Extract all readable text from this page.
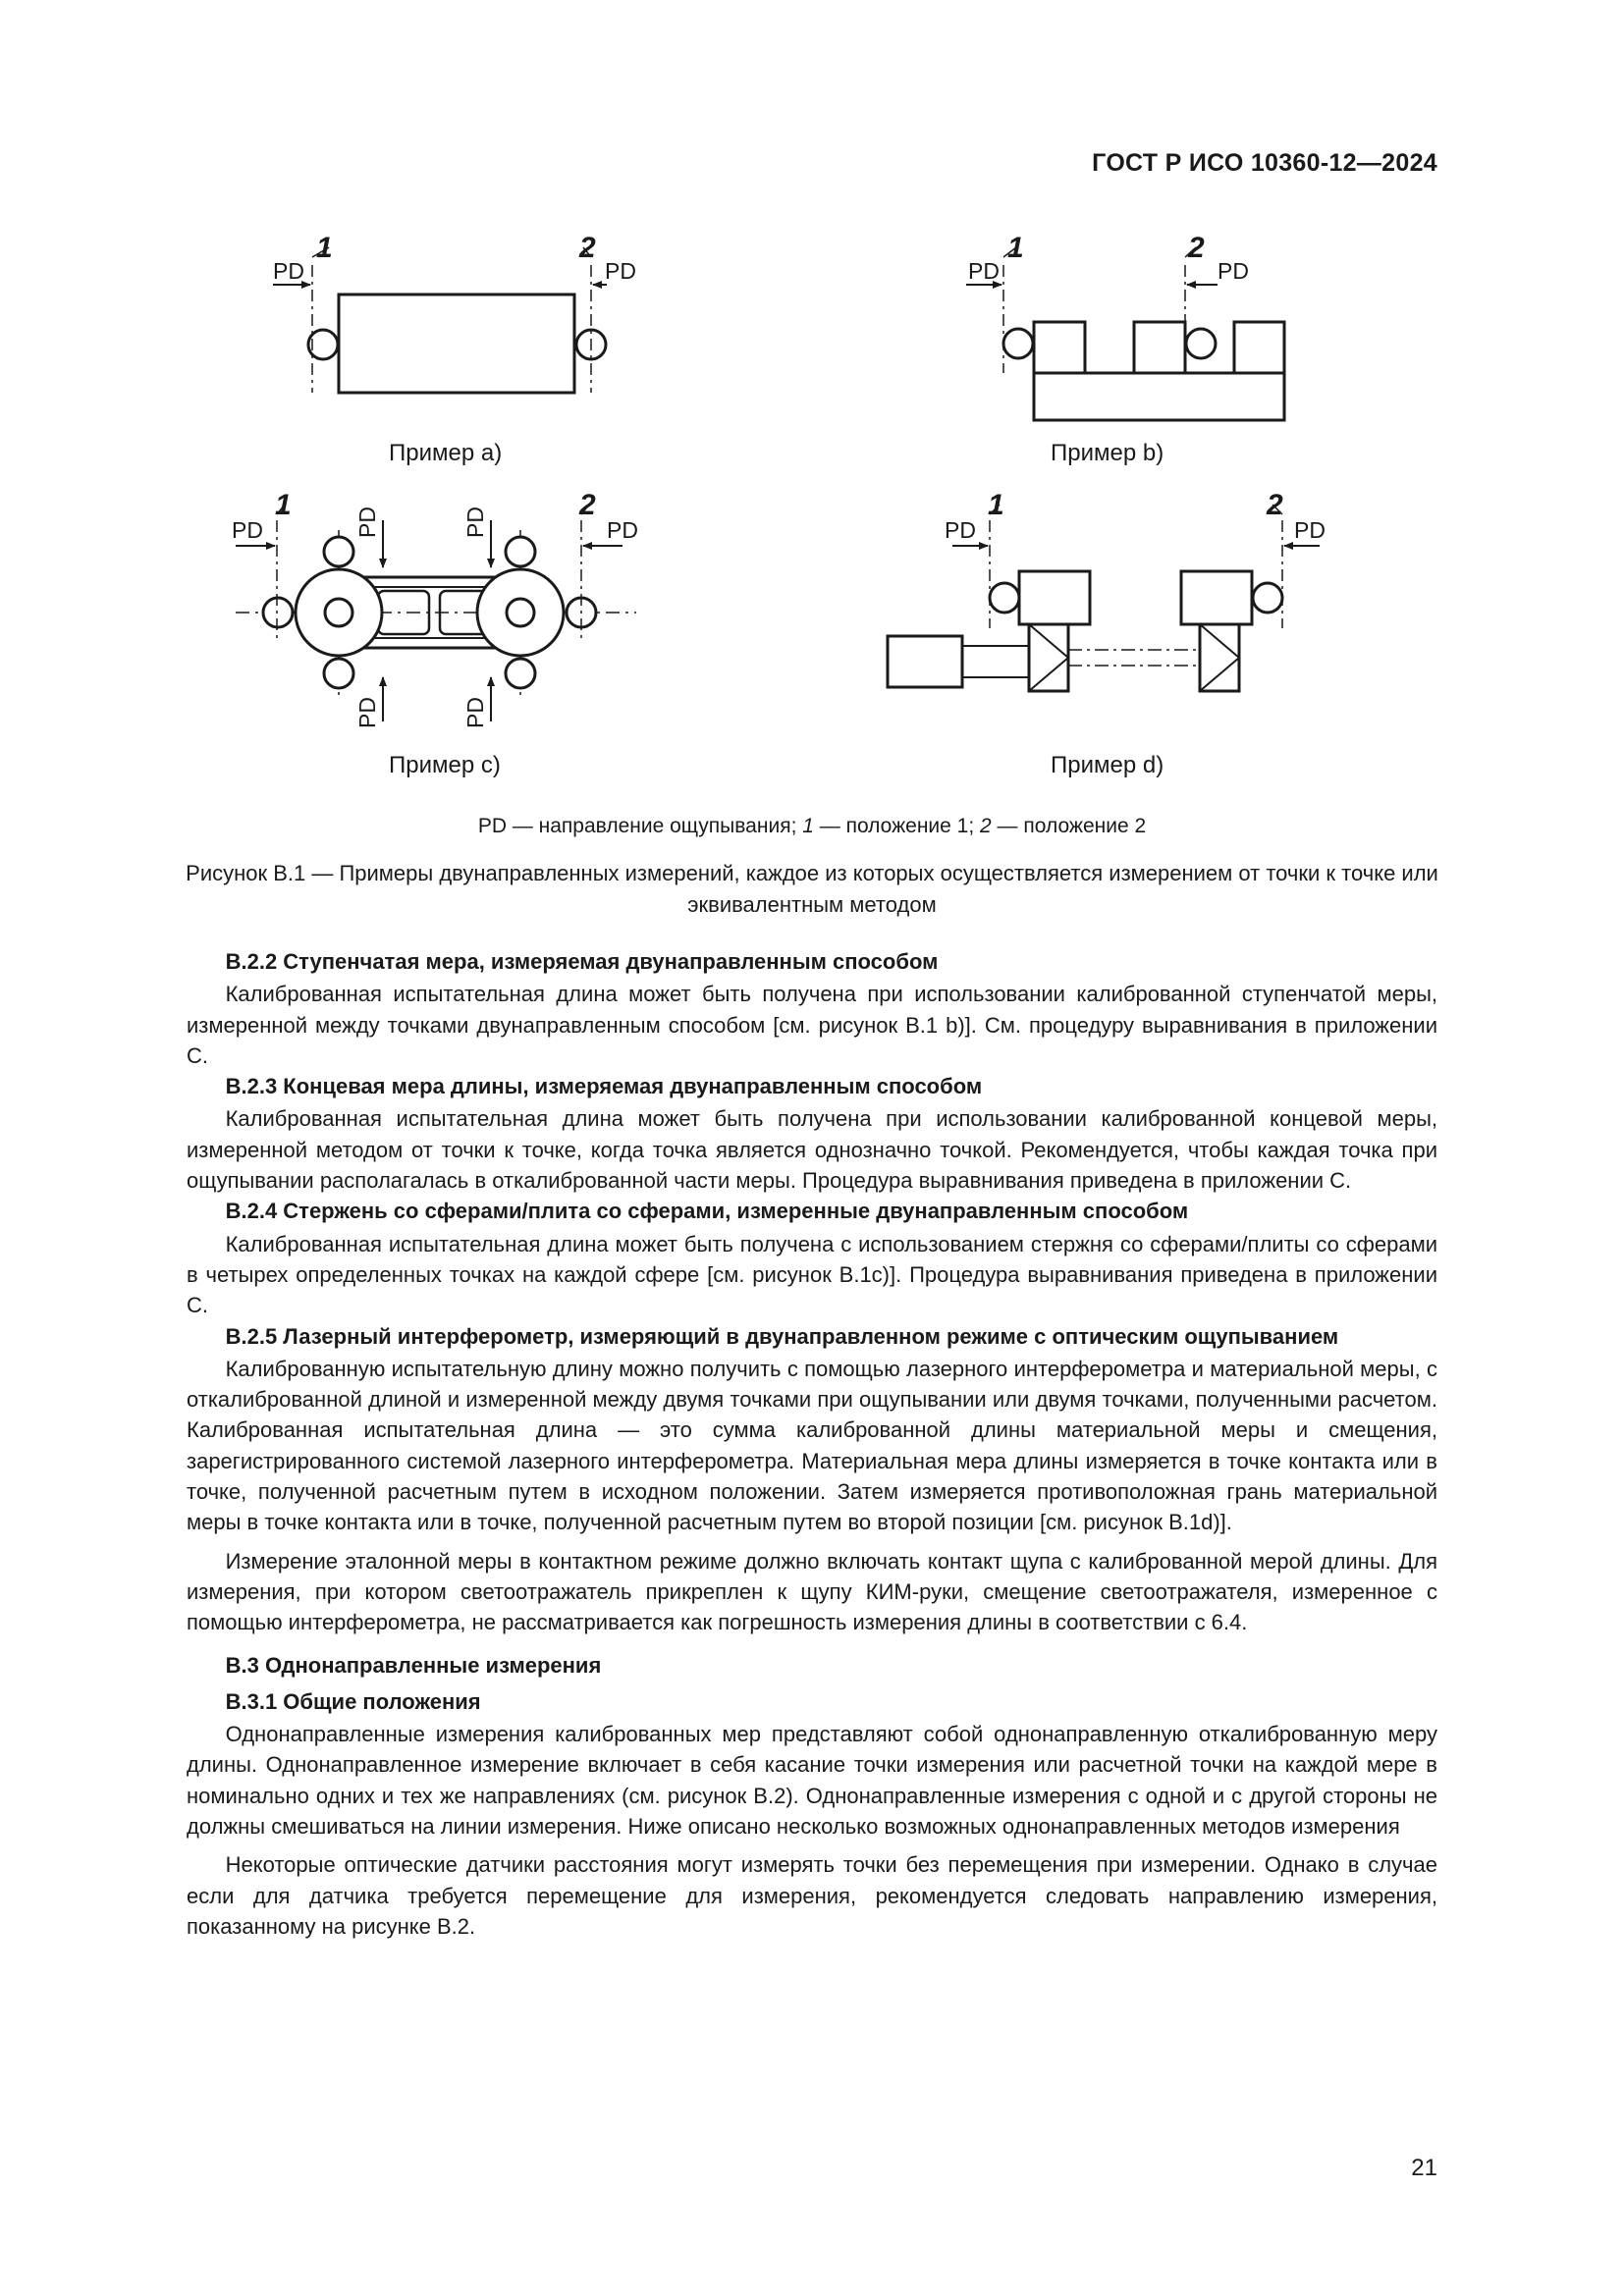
ГОСТ Р ИСО 10360-12—2024
1	2
PD	PD
1	2
PD	PD
1	2
PD	PD
PD	PD
PD	PD
1	2
PD	PD
Пример а)	Пример b)
Пример c)	Пример d)
PD — направление ощупывания; 1 — положение 1; 2 — положение 2
Рисунок В.1 — Примеры двунаправленных измерений, каждое из которых осуществляется измерением от точки к точке или эквивалентным методом
В.2.2 Ступенчатая мера, измеряемая двунаправленным способом

Калиброванная испытательная длина может быть получена при использовании калиброванной ступенчатой меры, измеренной между точками двунаправленным способом [см. рисунок В.1 b)]. См. процедуру выравнивания в приложении С.

В.2.3 Концевая мера длины, измеряемая двунаправленным способом

Калиброванная испытательная длина может быть получена при использовании калиброванной концевой меры, измеренной методом от точки к точке, когда точка является однозначно точкой. Рекомендуется, чтобы каждая точка при ощупывании располагалась в откалиброванной части меры. Процедура выравнивания приведена в приложении С.

В.2.4 Стержень со сферами/плита со сферами, измеренные двунаправленным способом

Калиброванная испытательная длина может быть получена с использованием стержня со сферами/плиты со сферами в четырех определенных точках на каждой сфере [см. рисунок В.1с)]. Процедура выравнивания приведена в приложении С.

В.2.5 Лазерный интерферометр, измеряющий в двунаправленном режиме с оптическим ощупыванием

Калиброванную испытательную длину можно получить с помощью лазерного интерферометра и материальной меры, с откалиброванной длиной и измеренной между двумя точками при ощупывании или двумя точками, полученными расчетом. Калиброванная испытательная длина — это сумма калиброванной длины материальной меры и смещения, зарегистрированного системой лазерного интерферометра. Материальная мера длины измеряется в точке контакта или в точке, полученной расчетным путем в исходном положении. Затем измеряется противоположная грань материальной меры в точке контакта или в точке, полученной расчетным путем во второй позиции [см. рисунок В.1d)].

Измерение эталонной меры в контактном режиме должно включать контакт щупа с калиброванной мерой длины. Для измерения, при котором светоотражатель прикреплен к щупу КИМ-руки, смещение светоотражателя, измеренное с помощью интерферометра, не рассматривается как погрешность измерения длины в соответствии с 6.4.

В.3 Однонаправленные измерения
В.3.1 Общие положения

Однонаправленные измерения калиброванных мер представляют собой однонаправленную откалиброванную меру длины. Однонаправленное измерение включает в себя касание точки измерения или расчетной точки на каждой мере в номинально одних и тех же направлениях (см. рисунок В.2). Однонаправленные измерения с одной и с другой стороны не должны смешиваться на линии измерения. Ниже описано несколько возможных однонаправленных методов измерения

Некоторые оптические датчики расстояния могут измерять точки без перемещения при измерении. Однако в случае если для датчика требуется перемещение для измерения, рекомендуется следовать направлению измерения, показанному на рисунке В.2.

21
